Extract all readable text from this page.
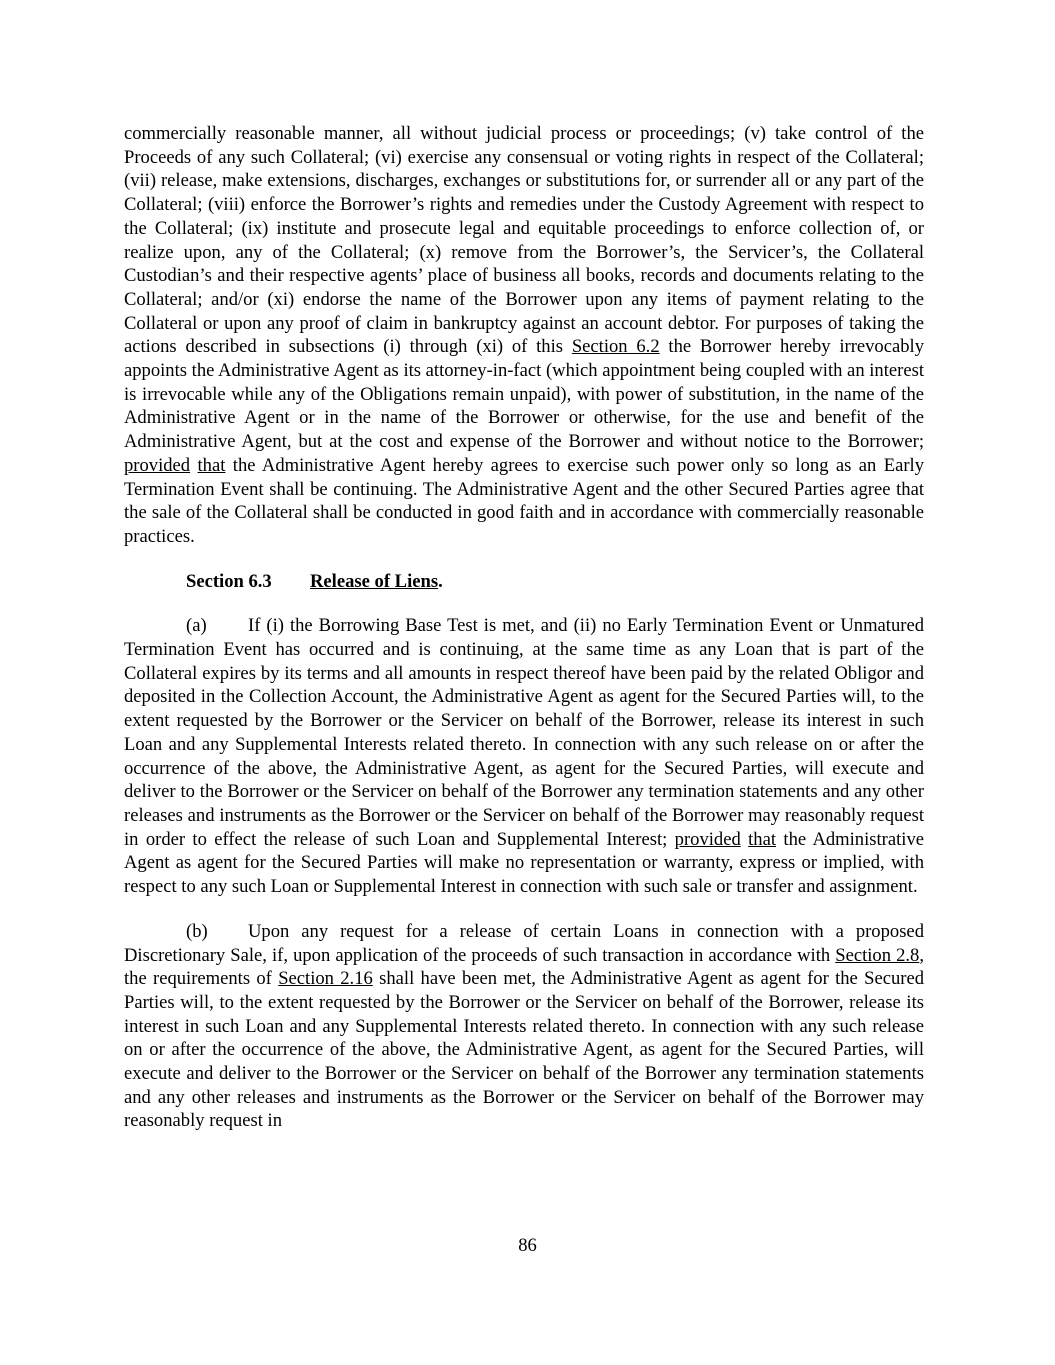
commercially reasonable manner, all without judicial process or proceedings; (v) take control of the Proceeds of any such Collateral; (vi) exercise any consensual or voting rights in respect of the Collateral; (vii) release, make extensions, discharges, exchanges or substitutions for, or surrender all or any part of the Collateral; (viii) enforce the Borrower’s rights and remedies under the Custody Agreement with respect to the Collateral; (ix) institute and prosecute legal and equitable proceedings to enforce collection of, or realize upon, any of the Collateral; (x) remove from the Borrower’s, the Servicer’s, the Collateral Custodian’s and their respective agents’ place of business all books, records and documents relating to the Collateral; and/or (xi) endorse the name of the Borrower upon any items of payment relating to the Collateral or upon any proof of claim in bankruptcy against an account debtor. For purposes of taking the actions described in subsections (i) through (xi) of this Section 6.2 the Borrower hereby irrevocably appoints the Administrative Agent as its attorney-in-fact (which appointment being coupled with an interest is irrevocable while any of the Obligations remain unpaid), with power of substitution, in the name of the Administrative Agent or in the name of the Borrower or otherwise, for the use and benefit of the Administrative Agent, but at the cost and expense of the Borrower and without notice to the Borrower; provided that the Administrative Agent hereby agrees to exercise such power only so long as an Early Termination Event shall be continuing. The Administrative Agent and the other Secured Parties agree that the sale of the Collateral shall be conducted in good faith and in accordance with commercially reasonable practices.

Section 6.3 Release of Liens.

(a) If (i) the Borrowing Base Test is met, and (ii) no Early Termination Event or Unmatured Termination Event has occurred and is continuing, at the same time as any Loan that is part of the Collateral expires by its terms and all amounts in respect thereof have been paid by the related Obligor and deposited in the Collection Account, the Administrative Agent as agent for the Secured Parties will, to the extent requested by the Borrower or the Servicer on behalf of the Borrower, release its interest in such Loan and any Supplemental Interests related thereto. In connection with any such release on or after the occurrence of the above, the Administrative Agent, as agent for the Secured Parties, will execute and deliver to the Borrower or the Servicer on behalf of the Borrower any termination statements and any other releases and instruments as the Borrower or the Servicer on behalf of the Borrower may reasonably request in order to effect the release of such Loan and Supplemental Interest; provided that the Administrative Agent as agent for the Secured Parties will make no representation or warranty, express or implied, with respect to any such Loan or Supplemental Interest in connection with such sale or transfer and assignment.

(b) Upon any request for a release of certain Loans in connection with a proposed Discretionary Sale, if, upon application of the proceeds of such transaction in accordance with Section 2.8, the requirements of Section 2.16 shall have been met, the Administrative Agent as agent for the Secured Parties will, to the extent requested by the Borrower or the Servicer on behalf of the Borrower, release its interest in such Loan and any Supplemental Interests related thereto. In connection with any such release on or after the occurrence of the above, the Administrative Agent, as agent for the Secured Parties, will execute and deliver to the Borrower or the Servicer on behalf of the Borrower any termination statements and any other releases and instruments as the Borrower or the Servicer on behalf of the Borrower may reasonably request in

86
